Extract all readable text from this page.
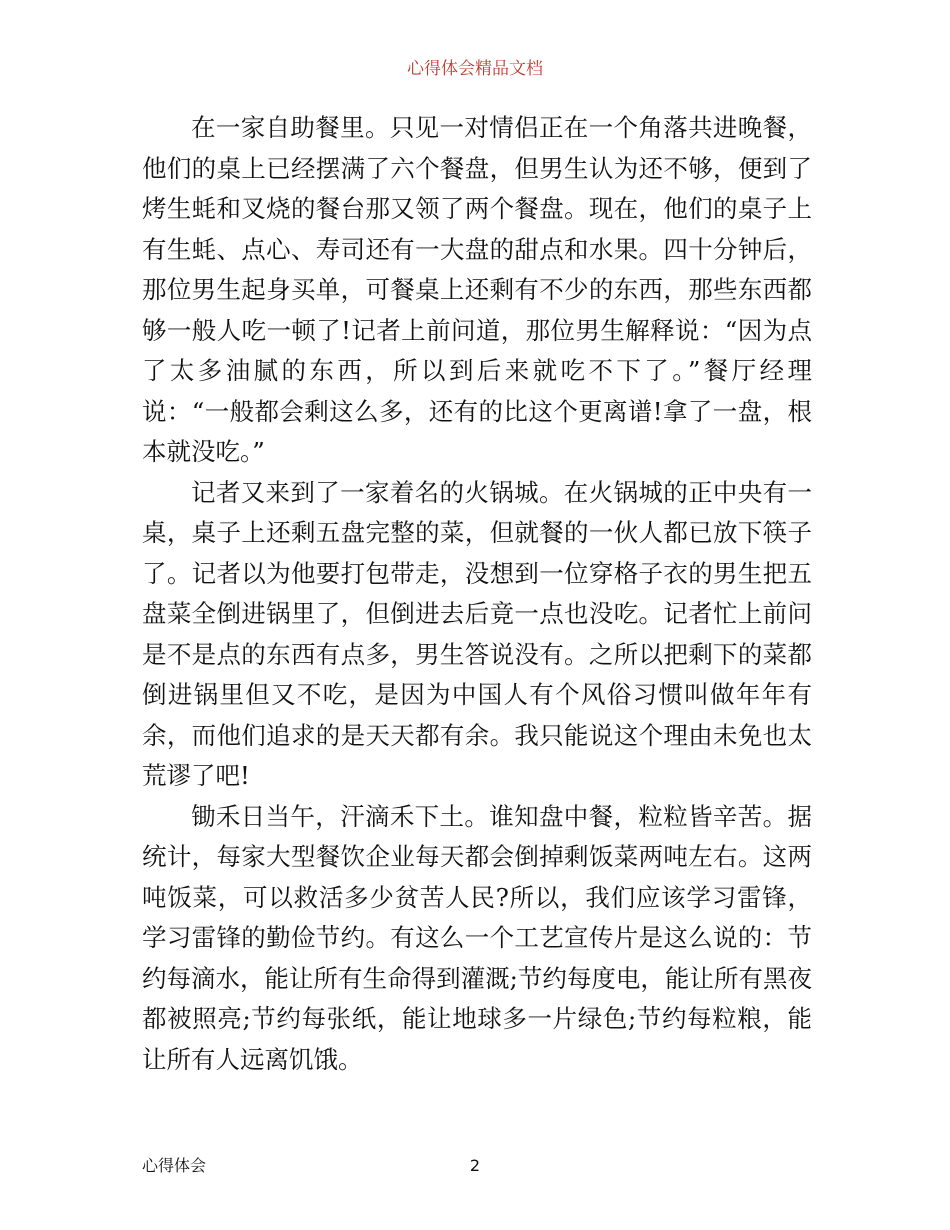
心得体会精品文档

在一家自助餐里。只见一对情侣正在一个角落共进晚餐，他们的桌上已经摆满了六个餐盘，但男生认为还不够，便到了烤生蚝和叉烧的餐台那又领了两个餐盘。现在，他们的桌子上有生蚝、点心、寿司还有一大盘的甜点和水果。四十分钟后，那位男生起身买单，可餐桌上还剩有不少的东西，那些东西都够一般人吃一顿了!记者上前问道，那位男生解释说：“因为点了太多油腻的东西，所以到后来就吃不下了。”餐厅经理说：“一般都会剩这么多，还有的比这个更离谱!拿了一盘，根本就没吃。”

记者又来到了一家着名的火锅城。在火锅城的正中央有一桌，桌子上还剩五盘完整的菜，但就餐的一伙人都已放下筷子了。记者以为他要打包带走，没想到一位穿格子衣的男生把五盘菜全倒进锅里了，但倒进去后竟一点也没吃。记者忙上前问是不是点的东西有点多，男生答说没有。之所以把剩下的菜都倒进锅里但又不吃，是因为中国人有个风俗习惯叫做年年有余，而他们追求的是天天都有余。我只能说这个理由未免也太荒谬了吧!

锄禾日当午，汗滴禾下土。谁知盘中餐，粒粒皆辛苦。据统计，每家大型餐饮企业每天都会倒掉剩饭菜两吨左右。这两吨饭菜，可以救活多少贫苦人民?所以，我们应该学习雷锋，学习雷锋的勤俭节约。有这么一个工艺宣传片是这么说的：节约每滴水，能让所有生命得到灌溉;节约每度电，能让所有黑夜都被照亮;节约每张纸，能让地球多一片绿色;节约每粒粮，能让所有人远离饥饿。

心得体会	2
